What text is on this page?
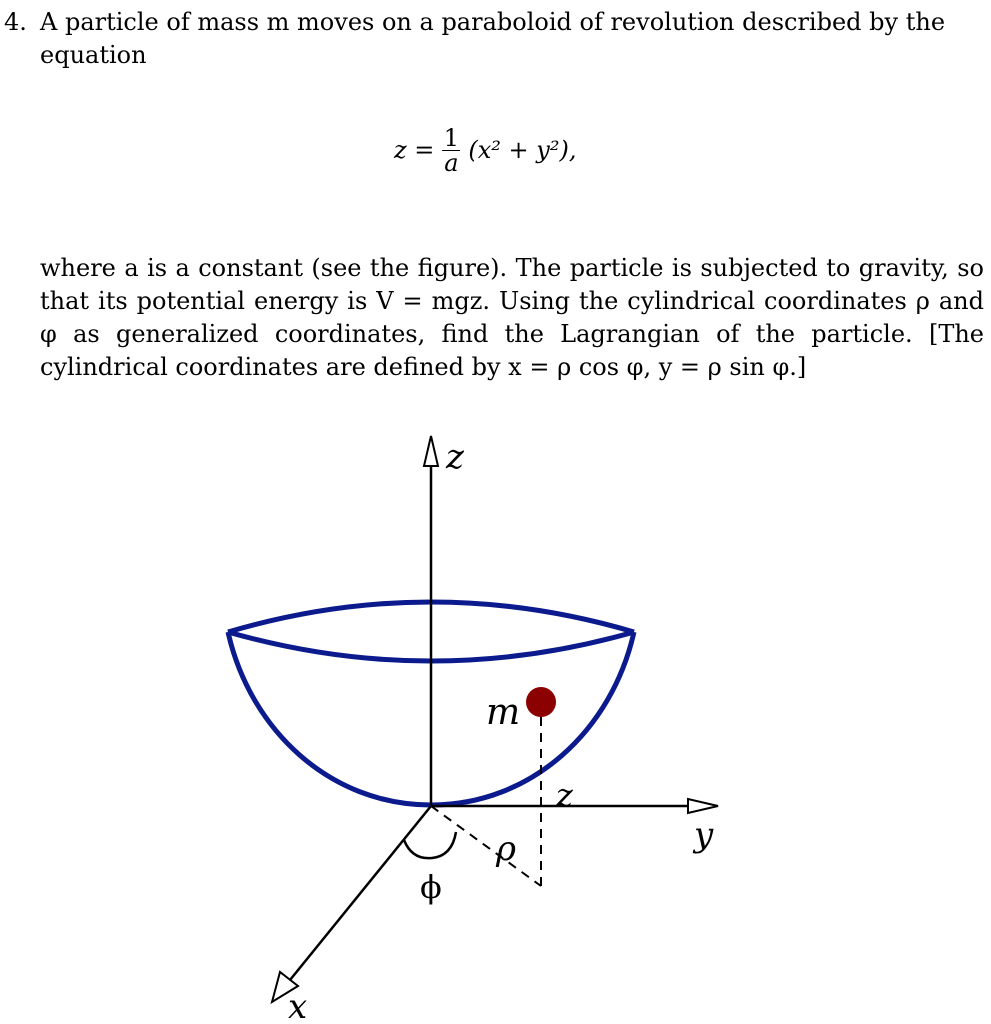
4. A particle of mass m moves on a paraboloid of revolution described by the equation
$z = \frac{1}{a} (x^2 + y^2)$,
where a is a constant (see the figure). The particle is subjected to gravity, so that its potential energy is V = mgz. Using the cylindrical coordinates ρ and φ as generalized coordinates, find the Lagrangian of the particle. [The cylindrical coordinates are defined by x = ρ cos φ, y = ρ sin φ.]
z
y
x
m
z
ρ
ϕ
